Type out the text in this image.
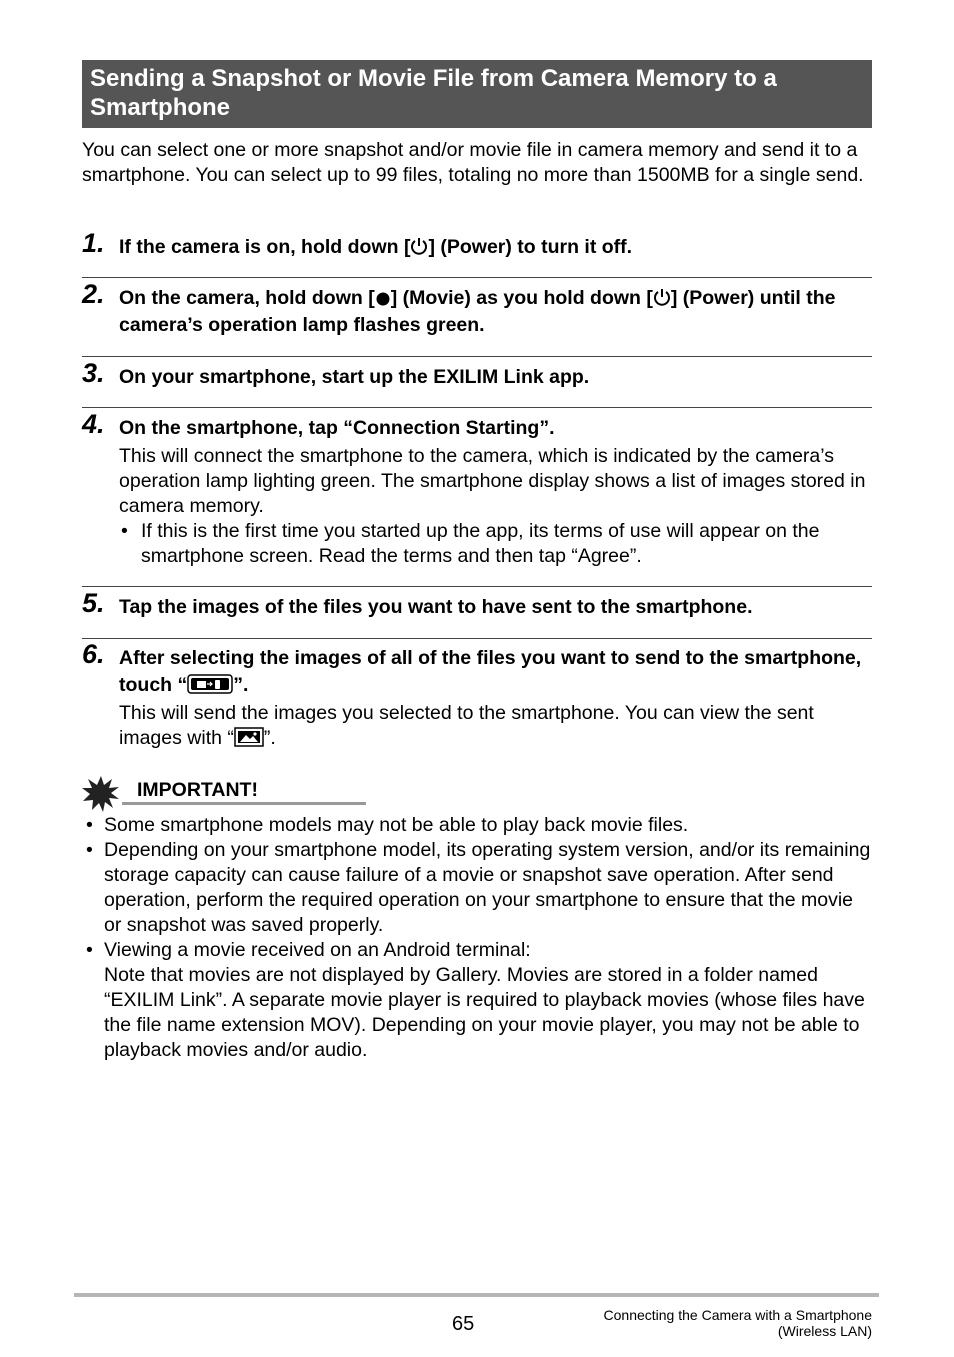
Sending a Snapshot or Movie File from Camera Memory to a Smartphone
You can select one or more snapshot and/or movie file in camera memory and send it to a smartphone. You can select up to 99 files, totaling no more than 1500MB for a single send.
1. If the camera is on, hold down [ ] (Power) to turn it off.
2. On the camera, hold down [ ] (Movie) as you hold down [ ] (Power) until the camera’s operation lamp flashes green.
3. On your smartphone, start up the EXILIM Link app.
4. On the smartphone, tap “Connection Starting”.
This will connect the smartphone to the camera, which is indicated by the camera’s operation lamp lighting green. The smartphone display shows a list of images stored in camera memory.
• If this is the first time you started up the app, its terms of use will appear on the smartphone screen. Read the terms and then tap “Agree”.
5. Tap the images of the files you want to have sent to the smartphone.
6. After selecting the images of all of the files you want to send to the smartphone, touch “ ”.
This will send the images you selected to the smartphone. You can view the sent images with “ ”.
IMPORTANT!
• Some smartphone models may not be able to play back movie files.
• Depending on your smartphone model, its operating system version, and/or its remaining storage capacity can cause failure of a movie or snapshot save operation. After send operation, perform the required operation on your smartphone to ensure that the movie or snapshot was saved properly.
• Viewing a movie received on an Android terminal:
Note that movies are not displayed by Gallery. Movies are stored in a folder named “EXILIM Link”. A separate movie player is required to playback movies (whose files have the file name extension MOV). Depending on your movie player, you may not be able to playback movies and/or audio.
65	Connecting the Camera with a Smartphone
(Wireless LAN)
